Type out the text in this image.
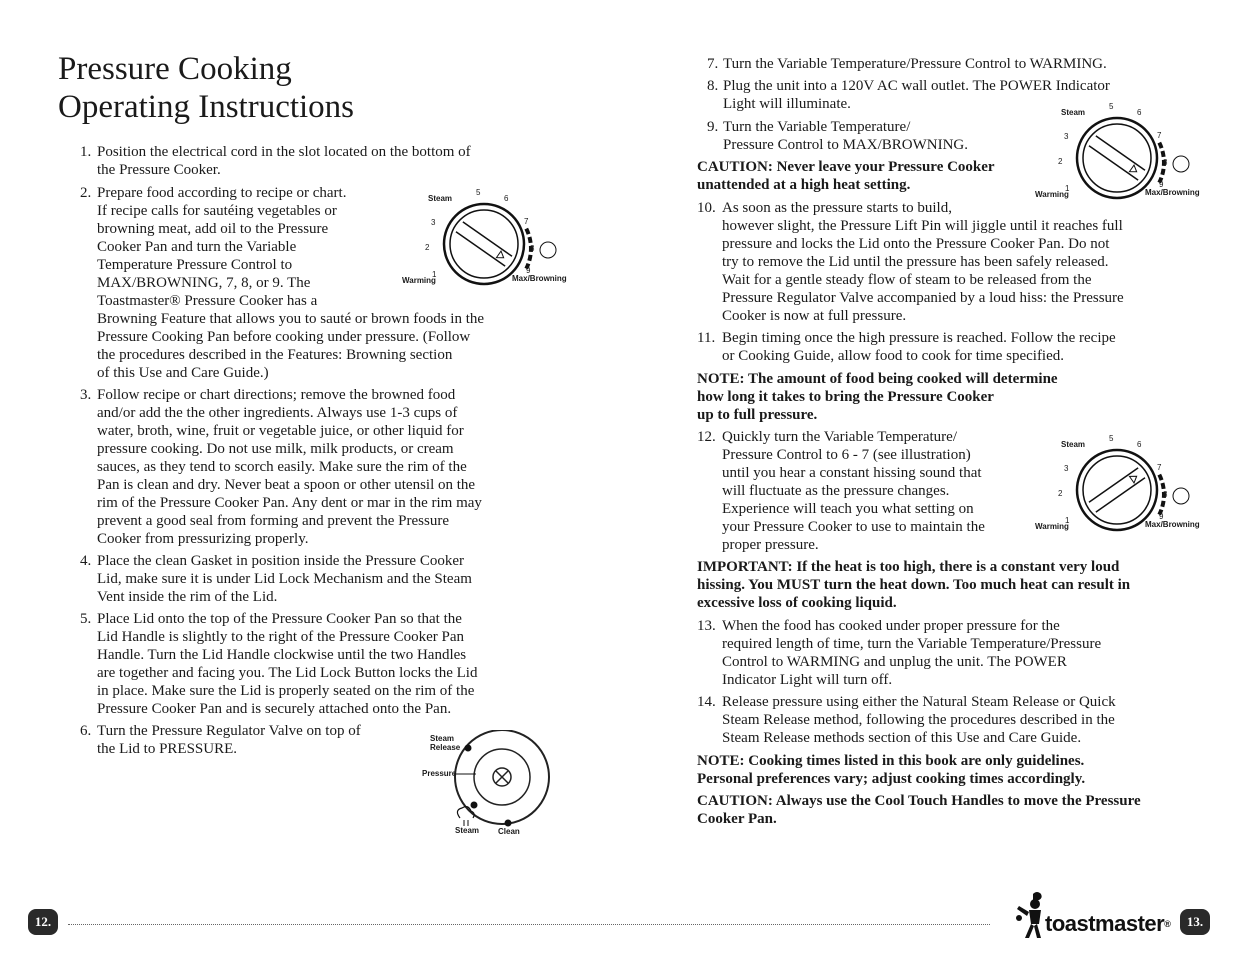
Pressure Cooking
Operating Instructions
1. Position the electrical cord in the slot located on the bottom of
the Pressure Cooker.
2. Prepare food according to recipe or chart.
If recipe calls for sautéing vegetables or
browning meat, add oil to the Pressure
Cooker Pan and turn the Variable
Temperature Pressure Control to
MAX/BROWNING, 7, 8, or 9. The
Toastmaster® Pressure Cooker has a
Browning Feature that allows you to sauté or brown foods in the
Pressure Cooking Pan before cooking under pressure. (Follow
the procedures described in the Features: Browning section
of this Use and Care Guide.)
3. Follow recipe or chart directions; remove the browned food
and/or add the the other ingredients. Always use 1-3 cups of
water, broth, wine, fruit or vegetable juice, or other liquid for
pressure cooking. Do not use milk, milk products, or cream
sauces, as they tend to scorch easily. Make sure the rim of the
Pan is clean and dry. Never beat a spoon or other utensil on the
rim of the Pressure Cooker Pan. Any dent or mar in the rim may
prevent a good seal from forming and prevent the Pressure
Cooker from pressurizing properly.
4. Place the clean Gasket in position inside the Pressure Cooker
Lid, make sure it is under Lid Lock Mechanism and the Steam
Vent inside the rim of the Lid.
5. Place Lid onto the top of the Pressure Cooker Pan so that the
Lid Handle is slightly to the right of the Pressure Cooker Pan
Handle. Turn the Lid Handle clockwise until the two Handles
are together and facing you. The Lid Lock Button locks the Lid
in place. Make sure the Lid is properly seated on the rim of the
Pressure Cooker Pan and is securely attached onto the Pan.
6. Turn the Pressure Regulator Valve on top of
the Lid to PRESSURE.
7. Turn the Variable Temperature/Pressure Control to WARMING.
8. Plug the unit into a 120V AC wall outlet. The POWER Indicator
Light will illuminate.
9. Turn the Variable Temperature/
Pressure Control to MAX/BROWNING.
CAUTION: Never leave your Pressure Cooker
unattended at a high heat setting.
10. As soon as the pressure starts to build,
however slight, the Pressure Lift Pin will jiggle until it reaches full
pressure and locks the Lid onto the Pressure Cooker Pan. Do not
try to remove the Lid until the pressure has been safely released.
Wait for a gentle steady flow of steam to be released from the
Pressure Regulator Valve accompanied by a loud hiss: the Pressure
Cooker is now at full pressure.
11. Begin timing once the high pressure is reached. Follow the recipe
or Cooking Guide, allow food to cook for time specified.
NOTE: The amount of food being cooked will determine
how long it takes to bring the Pressure Cooker
up to full pressure.
12. Quickly turn the Variable Temperature/
Pressure Control to 6 - 7 (see illustration)
until you hear a constant hissing sound that
will fluctuate as the pressure changes.
Experience will teach you what setting on
your Pressure Cooker to use to maintain the
proper pressure.
IMPORTANT: If the heat is too high, there is a constant very loud
hissing. You MUST turn the heat down. Too much heat can result in
excessive loss of cooking liquid.
13. When the food has cooked under proper pressure for the
required length of time, turn the Variable Temperature/Pressure
Control to WARMING and unplug the unit. The POWER
Indicator Light will turn off.
14. Release pressure using either the Natural Steam Release or Quick
Steam Release method, following the procedures described in the
Steam Release methods section of this Use and Care Guide.
NOTE: Cooking times listed in this book are only guidelines.
Personal preferences vary; adjust cooking times accordingly.
CAUTION: Always use the Cool Touch Handles to move the Pressure
Cooker Pan.
1
2
3
5
6
7
8
9
Steam
Warming	Max/Browning
1
2
3
5
6
7
8
9
Steam
Warming	Max/Browning
1
2
3
5
6
7
8
9
Steam
Warming	Max/Browning
Steam
Release
Pressure
Steam Clean
12.	toastmaster®	13.
